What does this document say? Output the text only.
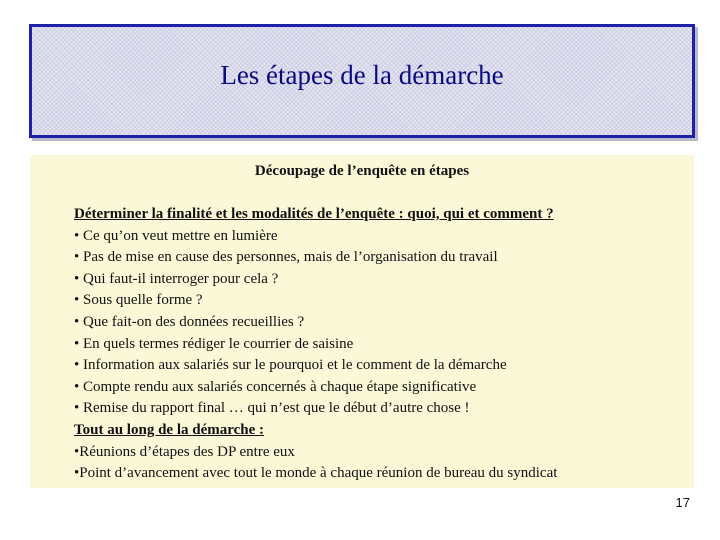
Les étapes de la démarche

Découpage de l’enquête en étapes

Déterminer la finalité et les modalités de l’enquête : quoi, qui et comment ?
• Ce qu’on veut mettre en lumière
• Pas de mise en cause des personnes, mais de l’organisation du travail
• Qui faut-il interroger pour cela ?
• Sous quelle forme ?
• Que fait-on des données recueillies ?
• En quels termes rédiger le courrier de saisine
• Information aux salariés sur le pourquoi et le comment de la démarche
• Compte rendu aux salariés concernés à chaque étape significative
• Remise du rapport final … qui n’est que le début d’autre chose !
Tout au long de la démarche :
•Réunions d’étapes des DP entre eux
•Point d’avancement avec tout le monde à chaque réunion de bureau du syndicat
17
